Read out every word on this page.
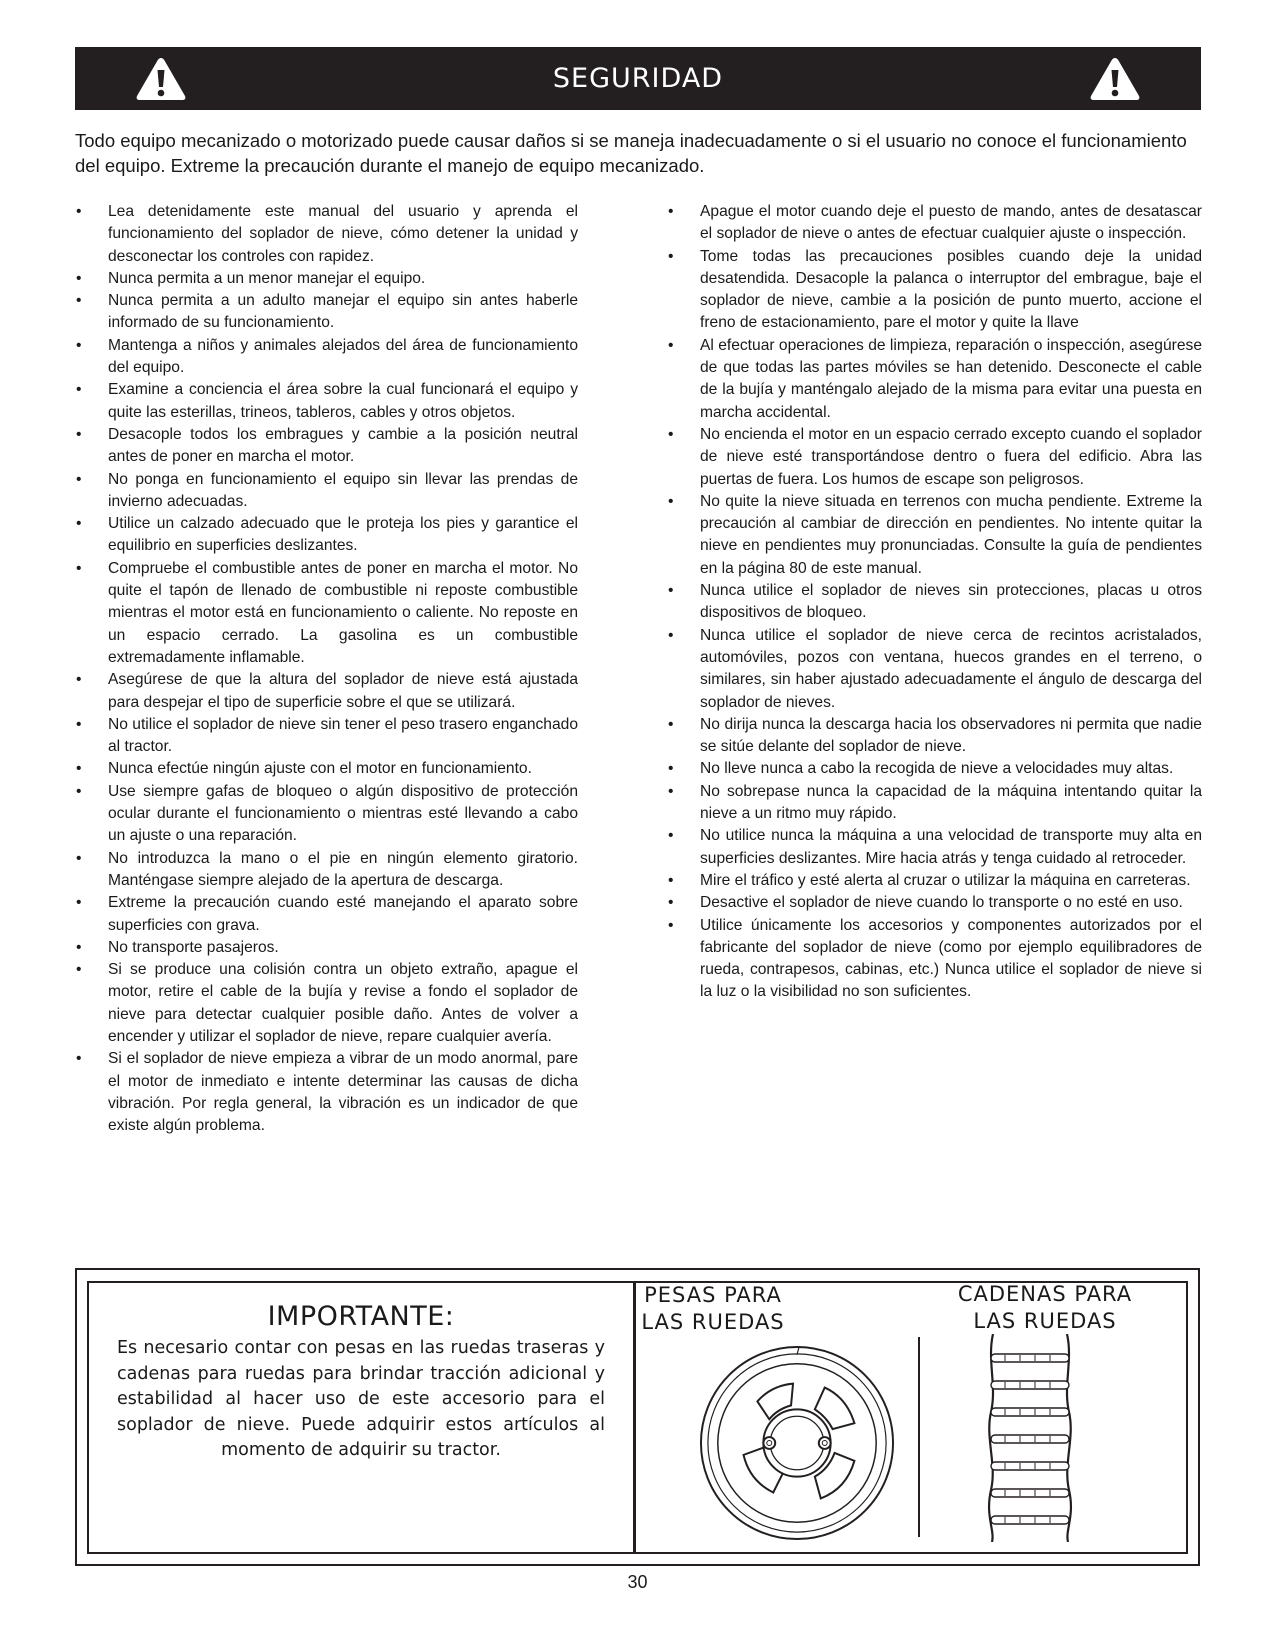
SEGURIDAD

Todo equipo mecanizado o motorizado puede causar daños si se maneja inadecuadamente o si el usuario no conoce el funcionamiento del equipo. Extreme la precaución durante el manejo de equipo mecanizado.

• Lea detenidamente este manual del usuario y aprenda el funcionamiento del soplador de nieve, cómo detener la unidad y desconectar los controles con rapidez.
• Nunca permita a un menor manejar el equipo.
• Nunca permita a un adulto manejar el equipo sin antes haberle informado de su funcionamiento.
• Mantenga a niños y animales alejados del área de funcionamiento del equipo.
• Examine a conciencia el área sobre la cual funcionará el equipo y quite las esterillas, trineos, tableros, cables y otros objetos.
• Desacople todos los embragues y cambie a la posición neutral antes de poner en marcha el motor.
• No ponga en funcionamiento el equipo sin llevar las prendas de invierno adecuadas.
• Utilice un calzado adecuado que le proteja los pies y garantice el equilibrio en superficies deslizantes.
• Compruebe el combustible antes de poner en marcha el motor. No quite el tapón de llenado de combustible ni reposte combustible mientras el motor está en funcionamiento o caliente. No reposte en un espacio cerrado. La gasolina es un combustible extremadamente inflamable.
• Asegúrese de que la altura del soplador de nieve está ajustada para despejar el tipo de superficie sobre el que se utilizará.
• No utilice el soplador de nieve sin tener el peso trasero enganchado al tractor.
• Nunca efectúe ningún ajuste con el motor en funcionamiento.
• Use siempre gafas de bloqueo o algún dispositivo de protección ocular durante el funcionamiento o mientras esté llevando a cabo un ajuste o una reparación.
• No introduzca la mano o el pie en ningún elemento giratorio. Manténgase siempre alejado de la apertura de descarga.
• Extreme la precaución cuando esté manejando el aparato sobre superficies con grava.
• No transporte pasajeros.
• Si se produce una colisión contra un objeto extraño, apague el motor, retire el cable de la bujía y revise a fondo el soplador de nieve para detectar cualquier posible daño. Antes de volver a encender y utilizar el soplador de nieve, repare cualquier avería.
• Si el soplador de nieve empieza a vibrar de un modo anormal, pare el motor de inmediato e intente determinar las causas de dicha vibración. Por regla general, la vibración es un indicador de que existe algún problema.
• Apague el motor cuando deje el puesto de mando, antes de desatascar el soplador de nieve o antes de efectuar cualquier ajuste o inspección.
• Tome todas las precauciones posibles cuando deje la unidad desatendida. Desacople la palanca o interruptor del embrague, baje el soplador de nieve, cambie a la posición de punto muerto, accione el freno de estacionamiento, pare el motor y quite la llave
• Al efectuar operaciones de limpieza, reparación o inspección, asegúrese de que todas las partes móviles se han detenido. Desconecte el cable de la bujía y manténgalo alejado de la misma para evitar una puesta en marcha accidental.
• No encienda el motor en un espacio cerrado excepto cuando el soplador de nieve esté transportándose dentro o fuera del edificio. Abra las puertas de fuera. Los humos de escape son peligrosos.
• No quite la nieve situada en terrenos con mucha pendiente. Extreme la precaución al cambiar de dirección en pendientes. No intente quitar la nieve en pendientes muy pronunciadas. Consulte la guía de pendientes en la página 80 de este manual.
• Nunca utilice el soplador de nieves sin protecciones, placas u otros dispositivos de bloqueo.
• Nunca utilice el soplador de nieve cerca de recintos acristalados, automóviles, pozos con ventana, huecos grandes en el terreno, o similares, sin haber ajustado adecuadamente el ángulo de descarga del soplador de nieves.
• No dirija nunca la descarga hacia los observadores ni permita que nadie se sitúe delante del soplador de nieve.
• No lleve nunca a cabo la recogida de nieve a velocidades muy altas.
• No sobrepase nunca la capacidad de la máquina intentando quitar la nieve a un ritmo muy rápido.
• No utilice nunca la máquina a una velocidad de transporte muy alta en superficies deslizantes. Mire hacia atrás y tenga cuidado al retroceder.
• Mire el tráfico y esté alerta al cruzar o utilizar la máquina en carreteras.
• Desactive el soplador de nieve cuando lo transporte o no esté en uso.
• Utilice únicamente los accesorios y componentes autorizados por el fabricante del soplador de nieve (como por ejemplo equilibradores de rueda, contrapesos, cabinas, etc.) Nunca utilice el soplador de nieve si la luz o la visibilidad no son suficientes.
IMPORTANTE:
Es necesario contar con pesas en las ruedas traseras y cadenas para ruedas para brindar tracción adicional y estabilidad al hacer uso de este accesorio para el soplador de nieve. Puede adquirir estos artículos al momento de adquirir su tractor.
PESAS PARA
LAS RUEDAS
CADENAS PARA
LAS RUEDAS
30
